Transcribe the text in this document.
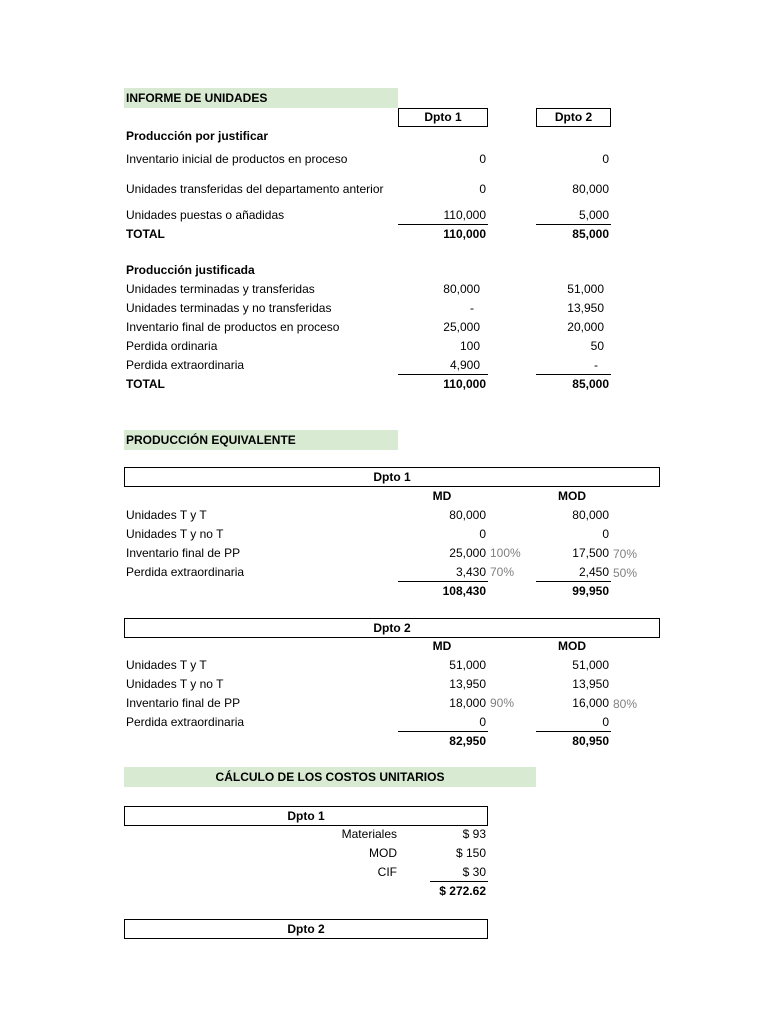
INFORME DE UNIDADES
Dpto 1	Dpto 2
Producción por justificar
Inventario inicial de productos en proceso	0	0
Unidades transferidas del departamento anterior	0	80,000
Unidades puestas o añadidas	110,000	5,000
TOTAL	110,000	85,000
Producción justificada
Unidades terminadas y transferidas	80,000	51,000
Unidades terminadas y no transferidas	-	13,950
Inventario final de productos en proceso	25,000	20,000
Perdida ordinaria	100	50
Perdida extraordinaria	4,900	-
TOTAL	110,000	85,000
PRODUCCIÓN EQUIVALENTE
Dpto 1
MD	MOD
Unidades T y T	80,000	80,000
Unidades T y no T	0	0
Inventario final de PP	25,000 100%	17,500 70%
Perdida extraordinaria	3,430 70%	2,450 50%
108,430	99,950
Dpto 2
MD	MOD
Unidades T y T	51,000	51,000
Unidades T y no T	13,950	13,950
Inventario final de PP	18,000 90%	16,000 80%
Perdida extraordinaria	0	0
82,950	80,950
CÁLCULO DE LOS COSTOS UNITARIOS
Dpto 1
Materiales	$ 93
MOD	$ 150
CIF	$ 30
$ 272.62
Dpto 2
